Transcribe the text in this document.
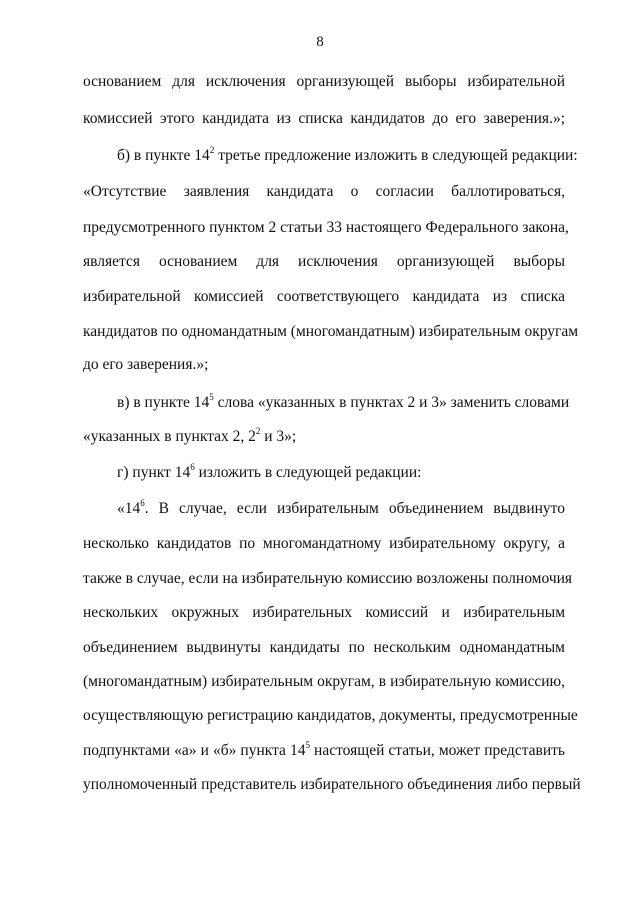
8
основанием для исключения организующей выборы избирательной
комиссией этого кандидата из списка кандидатов до его заверения.»;
б) в пункте $14^2$ третье предложение изложить в следующей редакции:
«Отсутствие заявления кандидата о согласии баллотироваться,
предусмотренного пунктом 2 статьи 33 настоящего Федерального закона,
является основанием для исключения организующей выборы
избирательной комиссией соответствующего кандидата из списка
кандидатов по одномандатным (многомандатным) избирательным округам
до его заверения.»;
в) в пункте $14^5$ слова «указанных в пунктах 2 и 3» заменить словами
«указанных в пунктах 2, $2^2$ и 3»;
г) пункт $14^6$ изложить в следующей редакции:
«$14^6$. В случае, если избирательным объединением выдвинуто
несколько кандидатов по многомандатному избирательному округу, а
также в случае, если на избирательную комиссию возложены полномочия
нескольких окружных избирательных комиссий и избирательным
объединением выдвинуты кандидаты по нескольким одномандатным
(многомандатным) избирательным округам, в избирательную комиссию,
осуществляющую регистрацию кандидатов, документы, предусмотренные
подпунктами «а» и «б» пункта $14^5$ настоящей статьи, может представить
уполномоченный представитель избирательного объединения либо первый
